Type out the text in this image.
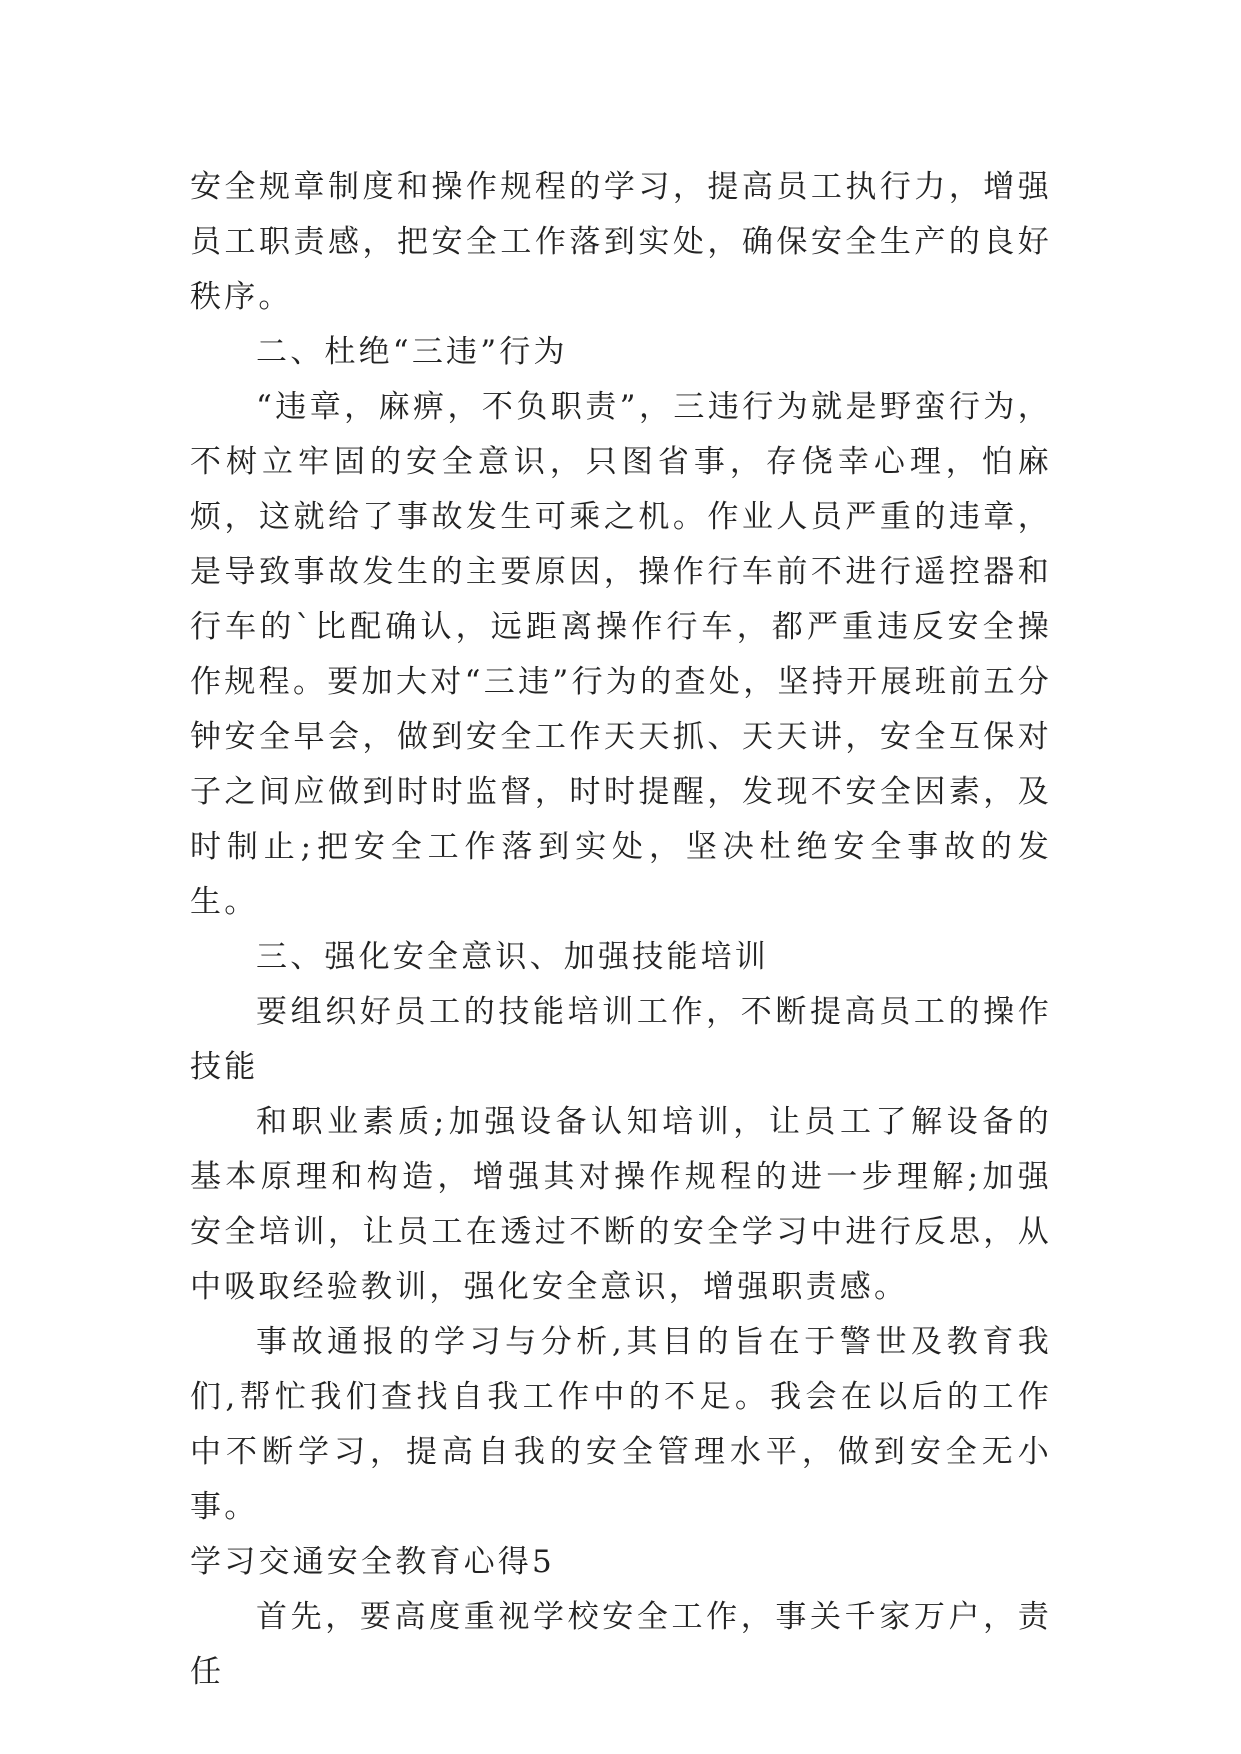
安全规章制度和操作规程的学习，提高员工执行力，增强员工职责感，把安全工作落到实处，确保安全生产的良好秩序。

二、杜绝“三违”行为

“违章，麻痹，不负职责”，三违行为就是野蛮行为，不树立牢固的安全意识，只图省事，存侥幸心理，怕麻烦，这就给了事故发生可乘之机。作业人员严重的违章，是导致事故发生的主要原因，操作行车前不进行遥控器和行车的`比配确认，远距离操作行车，都严重违反安全操作规程。要加大对“三违”行为的查处，坚持开展班前五分钟安全早会，做到安全工作天天抓、天天讲，安全互保对子之间应做到时时监督，时时提醒，发现不安全因素，及时制止;把安全工作落到实处，坚决杜绝安全事故的发生。

三、强化安全意识、加强技能培训

要组织好员工的技能培训工作，不断提高员工的操作技能

和职业素质;加强设备认知培训，让员工了解设备的基本原理和构造，增强其对操作规程的进一步理解;加强安全培训，让员工在透过不断的安全学习中进行反思，从中吸取经验教训，强化安全意识，增强职责感。

事故通报的学习与分析,其目的旨在于警世及教育我们,帮忙我们查找自我工作中的不足。我会在以后的工作中不断学习，提高自我的安全管理水平，做到安全无小事。

学习交通安全教育心得5

首先，要高度重视学校安全工作，事关千家万户，责任
